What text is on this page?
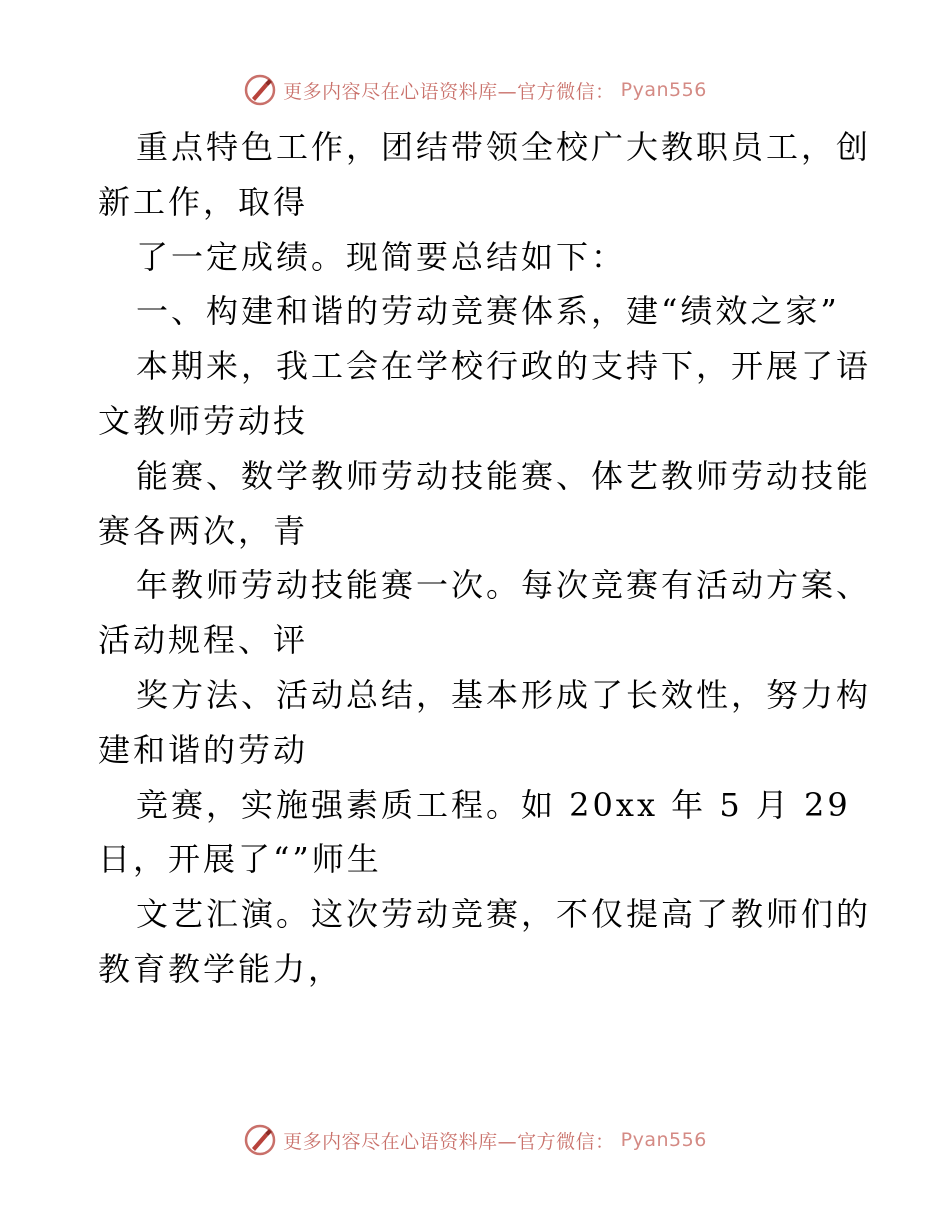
更多内容尽在心语资料库—官方微信： Pyan556
重点特色工作，团结带领全校广大教职员工，创
新工作，取得
了一定成绩。现简要总结如下：
一、构建和谐的劳动竞赛体系，建“绩效之家”
本期来，我工会在学校行政的支持下，开展了语
文教师劳动技
能赛、数学教师劳动技能赛、体艺教师劳动技能
赛各两次，青
年教师劳动技能赛一次。每次竞赛有活动方案、
活动规程、评
奖方法、活动总结，基本形成了长效性，努力构
建和谐的劳动
竞赛，实施强素质工程。如 20xx 年 5 月 29
日，开展了“”师生
文艺汇演。这次劳动竞赛，不仅提高了教师们的
教育教学能力，
更多内容尽在心语资料库—官方微信： Pyan556
